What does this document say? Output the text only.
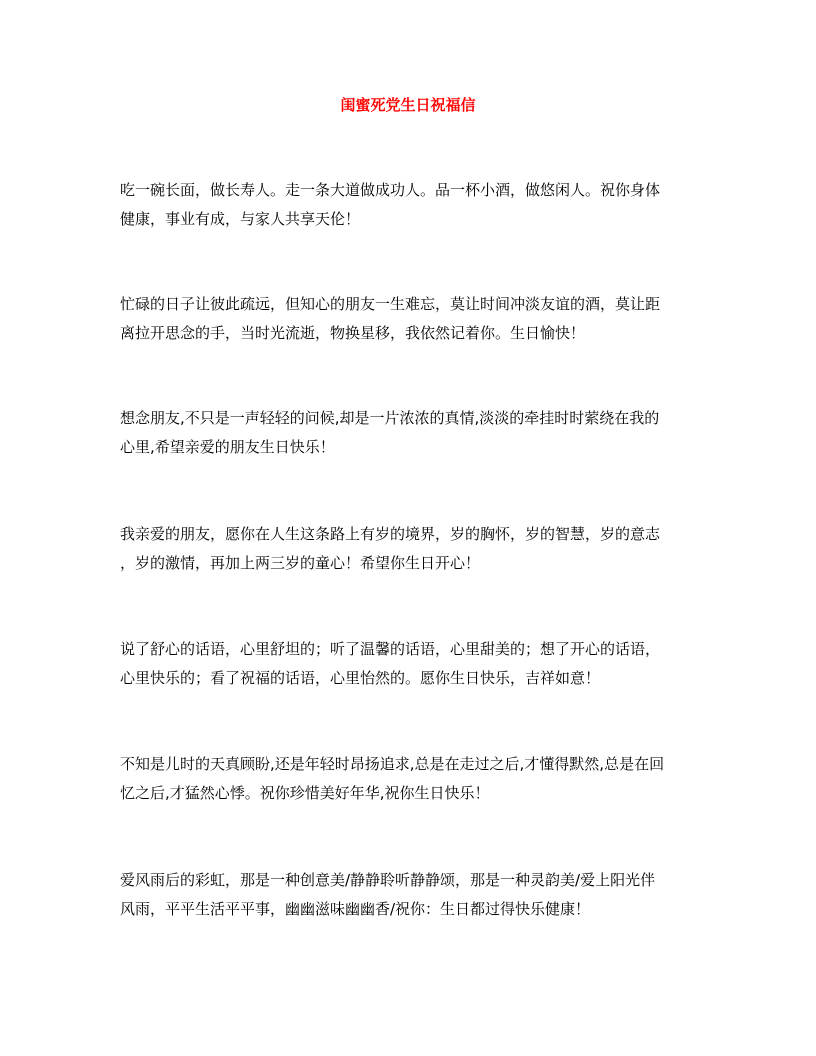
闺蜜死党生日祝福信

吃一碗长面，做长寿人。走一条大道做成功人。品一杯小酒，做悠闲人。祝你身体
健康，事业有成，与家人共享天伦！

忙碌的日子让彼此疏远，但知心的朋友一生难忘，莫让时间冲淡友谊的酒，莫让距
离拉开思念的手，当时光流逝，物换星移，我依然记着你。生日愉快！

想念朋友,不只是一声轻轻的问候,却是一片浓浓的真情,淡淡的牵挂时时萦绕在我的
心里,希望亲爱的朋友生日快乐！

我亲爱的朋友，愿你在人生这条路上有岁的境界，岁的胸怀，岁的智慧，岁的意志
，岁的激情，再加上两三岁的童心！希望你生日开心！

说了舒心的话语，心里舒坦的；听了温馨的话语，心里甜美的；想了开心的话语，
心里快乐的；看了祝福的话语，心里怡然的。愿你生日快乐，吉祥如意！

不知是儿时的天真顾盼,还是年轻时昂扬追求,总是在走过之后,才懂得默然,总是在回
忆之后,才猛然心悸。祝你珍惜美好年华,祝你生日快乐！

爱风雨后的彩虹，那是一种创意美/静静聆听静静颂，那是一种灵韵美/爱上阳光伴
风雨，平平生活平平事，幽幽滋味幽幽香/祝你：生日都过得快乐健康！
